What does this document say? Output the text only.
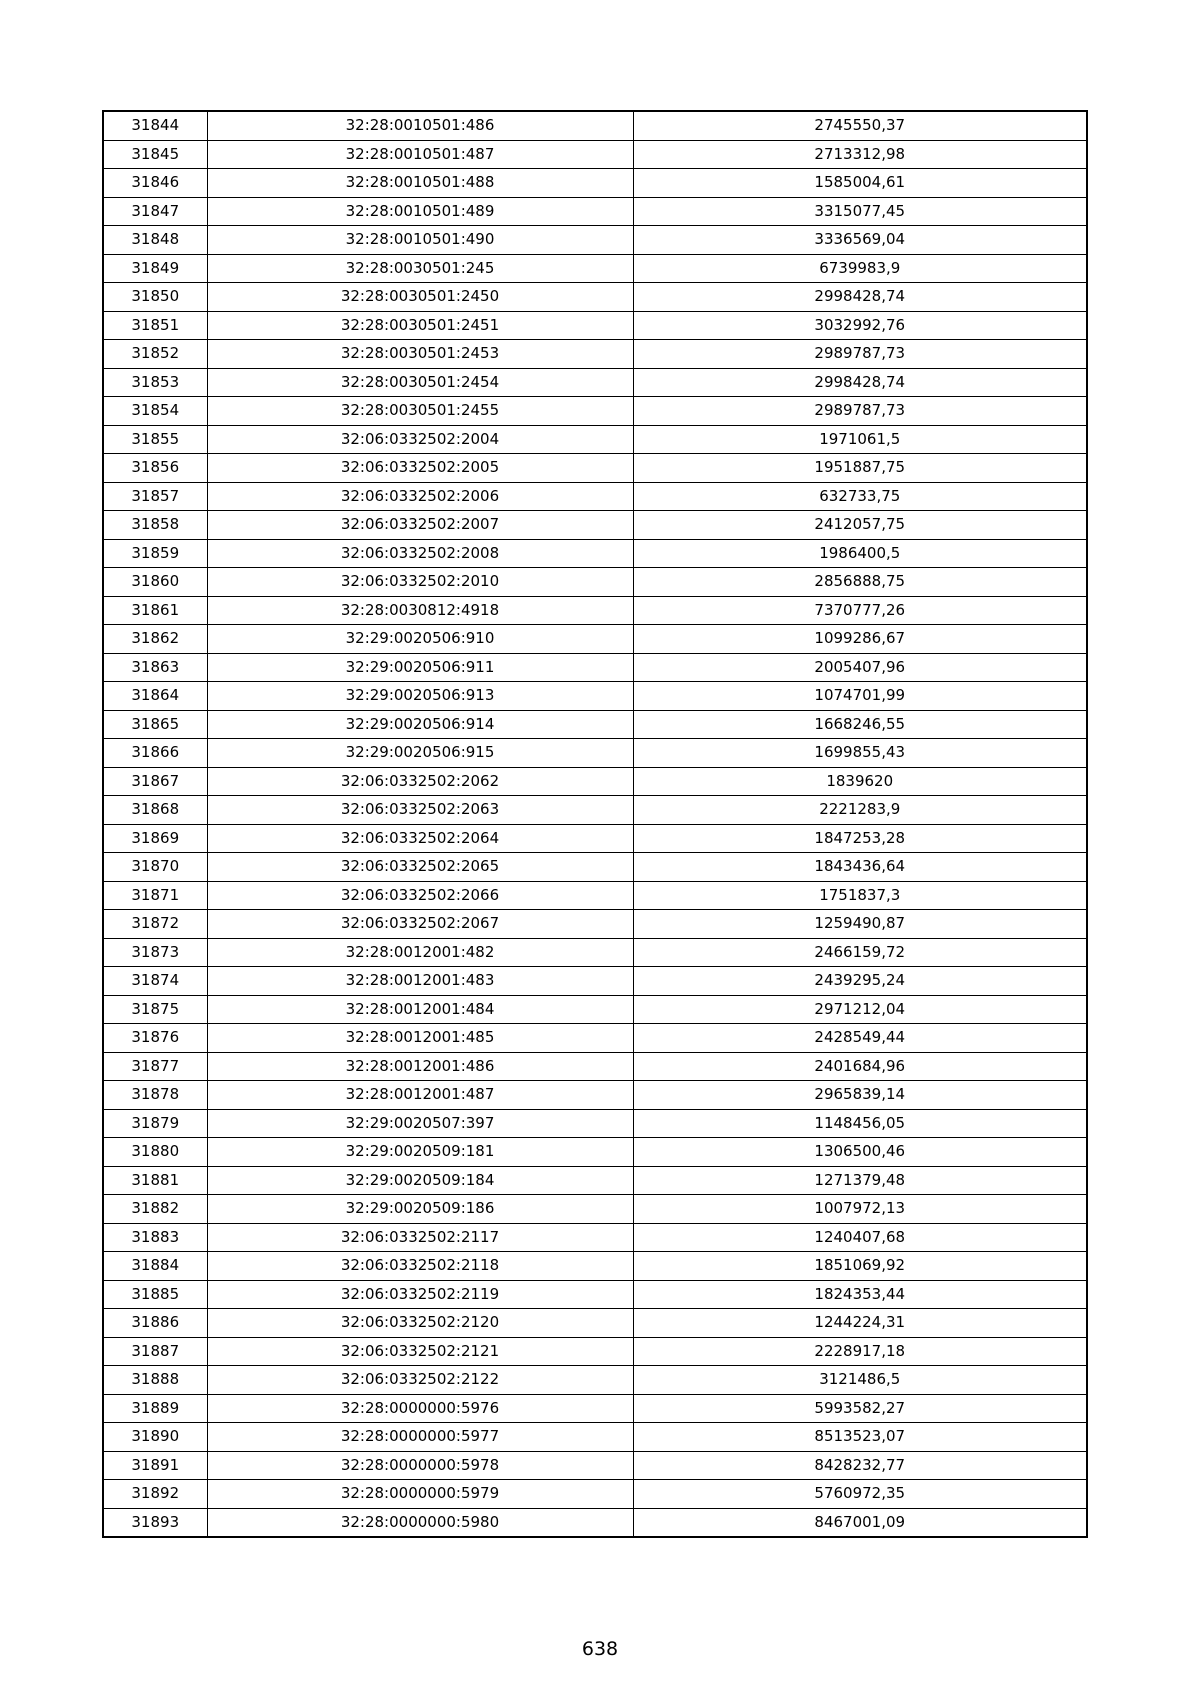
31844	32:28:0010501:486	2745550,37
31845	32:28:0010501:487	2713312,98
31846	32:28:0010501:488	1585004,61
31847	32:28:0010501:489	3315077,45
31848	32:28:0010501:490	3336569,04
31849	32:28:0030501:245	6739983,9
31850	32:28:0030501:2450	2998428,74
31851	32:28:0030501:2451	3032992,76
31852	32:28:0030501:2453	2989787,73
31853	32:28:0030501:2454	2998428,74
31854	32:28:0030501:2455	2989787,73
31855	32:06:0332502:2004	1971061,5
31856	32:06:0332502:2005	1951887,75
31857	32:06:0332502:2006	632733,75
31858	32:06:0332502:2007	2412057,75
31859	32:06:0332502:2008	1986400,5
31860	32:06:0332502:2010	2856888,75
31861	32:28:0030812:4918	7370777,26
31862	32:29:0020506:910	1099286,67
31863	32:29:0020506:911	2005407,96
31864	32:29:0020506:913	1074701,99
31865	32:29:0020506:914	1668246,55
31866	32:29:0020506:915	1699855,43
31867	32:06:0332502:2062	1839620
31868	32:06:0332502:2063	2221283,9
31869	32:06:0332502:2064	1847253,28
31870	32:06:0332502:2065	1843436,64
31871	32:06:0332502:2066	1751837,3
31872	32:06:0332502:2067	1259490,87
31873	32:28:0012001:482	2466159,72
31874	32:28:0012001:483	2439295,24
31875	32:28:0012001:484	2971212,04
31876	32:28:0012001:485	2428549,44
31877	32:28:0012001:486	2401684,96
31878	32:28:0012001:487	2965839,14
31879	32:29:0020507:397	1148456,05
31880	32:29:0020509:181	1306500,46
31881	32:29:0020509:184	1271379,48
31882	32:29:0020509:186	1007972,13
31883	32:06:0332502:2117	1240407,68
31884	32:06:0332502:2118	1851069,92
31885	32:06:0332502:2119	1824353,44
31886	32:06:0332502:2120	1244224,31
31887	32:06:0332502:2121	2228917,18
31888	32:06:0332502:2122	3121486,5
31889	32:28:0000000:5976	5993582,27
31890	32:28:0000000:5977	8513523,07
31891	32:28:0000000:5978	8428232,77
31892	32:28:0000000:5979	5760972,35
31893	32:28:0000000:5980	8467001,09
638
